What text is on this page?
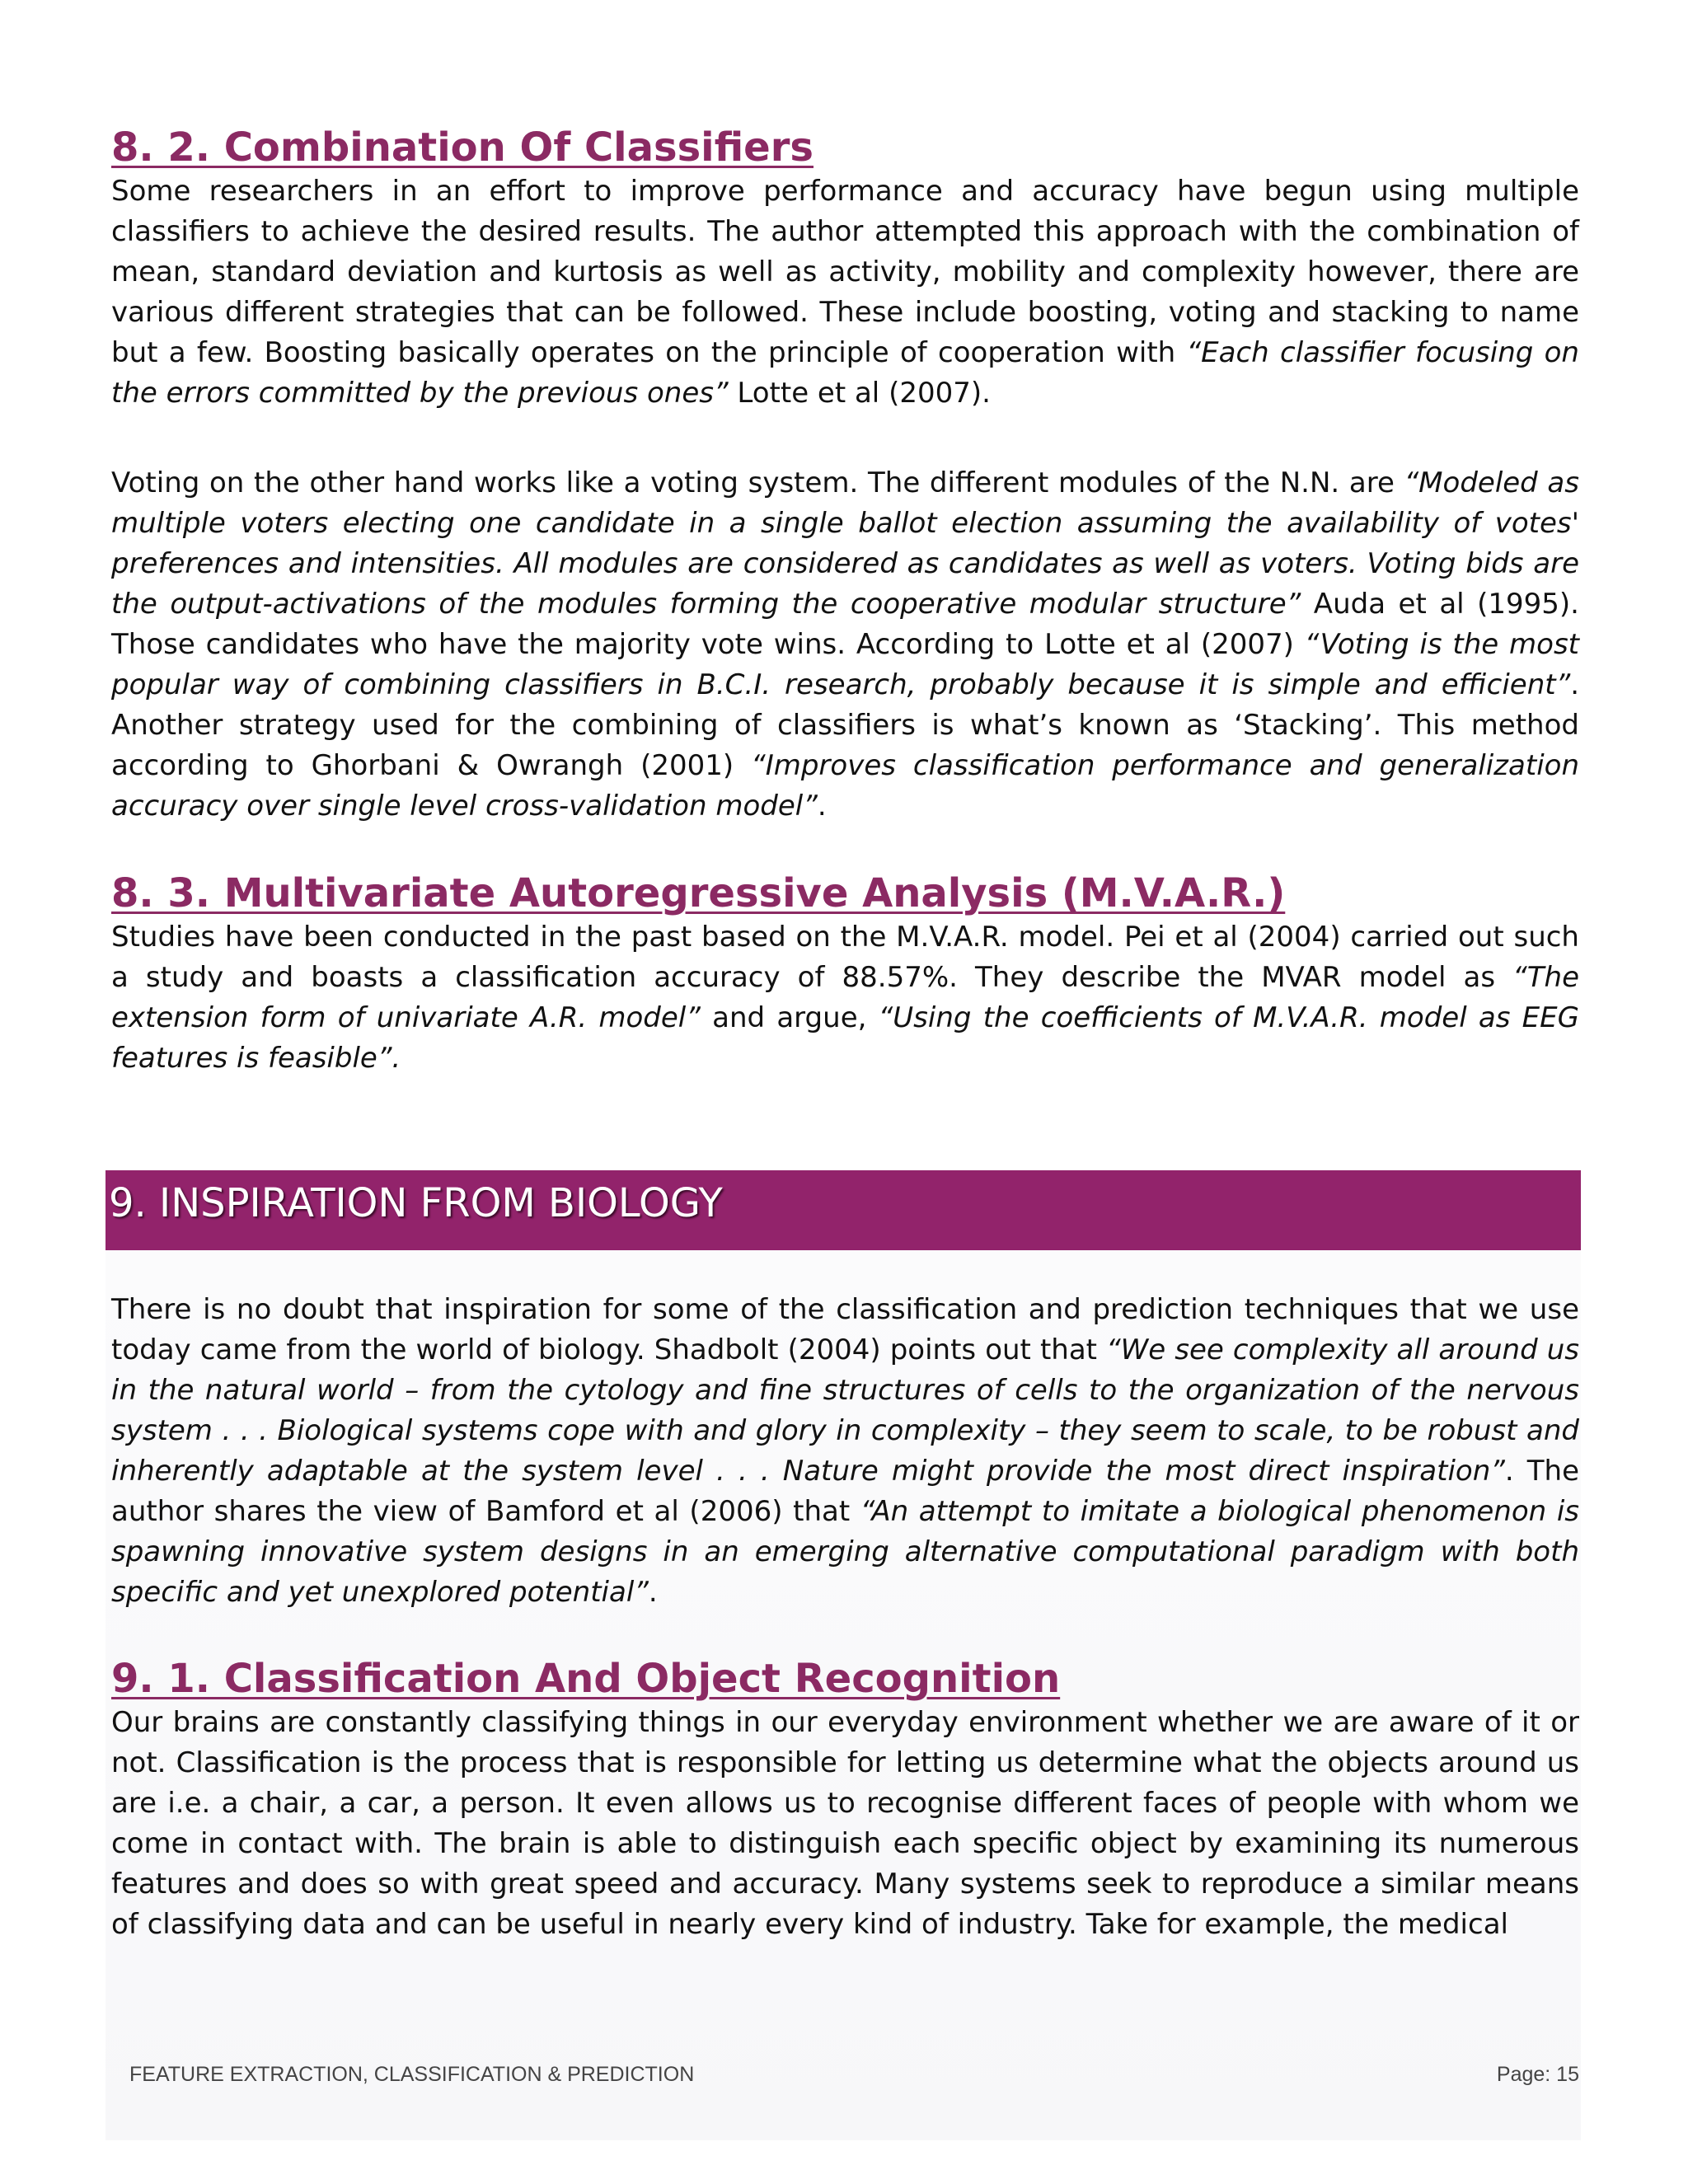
8. 2. Combination Of Classifiers

Some researchers in an effort to improve performance and accuracy have begun using multiple classifiers to achieve the desired results. The author attempted this approach with the combination of mean, standard deviation and kurtosis as well as activity, mobility and complexity however, there are various different strategies that can be followed. These include boosting, voting and stacking to name but a few. Boosting basically operates on the principle of cooperation with “Each classifier focusing on the errors committed by the previous ones” Lotte et al (2007).

Voting on the other hand works like a voting system. The different modules of the N.N. are “Modeled as multiple voters electing one candidate in a single ballot election assuming the availability of votes' preferences and intensities. All modules are considered as candidates as well as voters. Voting bids are the output-activations of the modules forming the cooperative modular structure” Auda et al (1995). Those candidates who have the majority vote wins. According to Lotte et al (2007) “Voting is the most popular way of combining classifiers in B.C.I. research, probably because it is simple and efficient”. Another strategy used for the combining of classifiers is what’s known as ‘Stacking’. This method according to Ghorbani & Owrangh (2001) “Improves classification performance and generalization accuracy over single level cross-validation model”.

8. 3. Multivariate Autoregressive Analysis (M.V.A.R.)

Studies have been conducted in the past based on the M.V.A.R. model. Pei et al (2004) carried out such a study and boasts a classification accuracy of 88.57%. They describe the MVAR model as “The extension form of univariate A.R. model” and argue, “Using the coefficients of M.V.A.R. model as EEG features is feasible”.

9. INSPIRATION FROM BIOLOGY

There is no doubt that inspiration for some of the classification and prediction techniques that we use today came from the world of biology. Shadbolt (2004) points out that “We see complexity all around us in the natural world – from the cytology and fine structures of cells to the organization of the nervous system . . . Biological systems cope with and glory in complexity – they seem to scale, to be robust and inherently adaptable at the system level . . . Nature might provide the most direct inspiration”. The author shares the view of Bamford et al (2006) that “An attempt to imitate a biological phenomenon is spawning innovative system designs in an emerging alternative computational paradigm with both specific and yet unexplored potential”.

9. 1. Classification And Object Recognition

Our brains are constantly classifying things in our everyday environment whether we are aware of it or not. Classification is the process that is responsible for letting us determine what the objects around us are i.e. a chair, a car, a person. It even allows us to recognise different faces of people with whom we come in contact with. The brain is able to distinguish each specific object by examining its numerous features and does so with great speed and accuracy. Many systems seek to reproduce a similar means of classifying data and can be useful in nearly every kind of industry. Take for example, the medical

FEATURE EXTRACTION, CLASSIFICATION & PREDICTION	Page: 15
